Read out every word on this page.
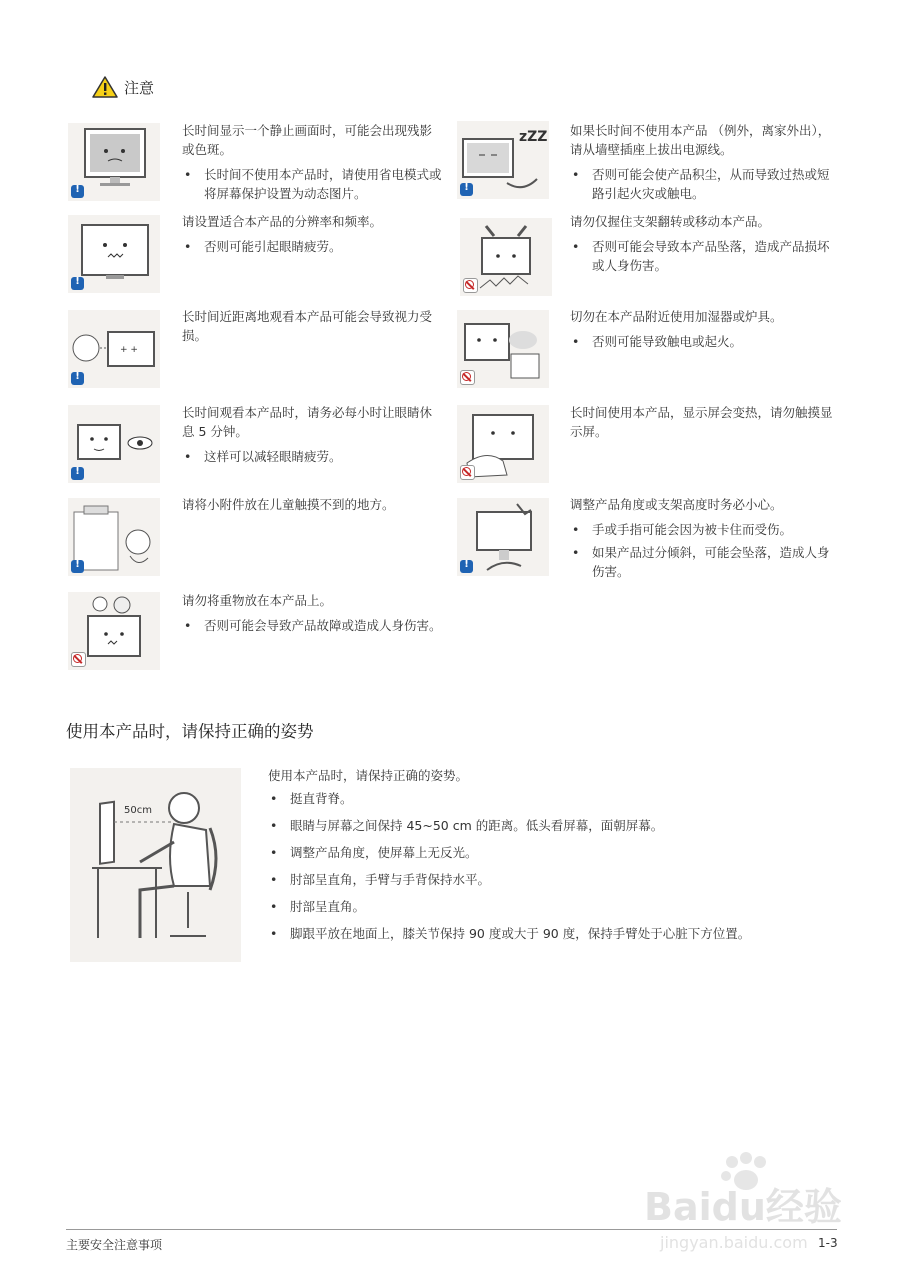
注意
!

长时间显示一个静止画面时，可能会出现残影或色斑。

• 长时间不使用本产品时，请使用省电模式或将屏幕保护设置为动态图片。
!

请设置适合本产品的分辨率和频率。

• 否则可能引起眼睛疲劳。
+ +
!

长时间近距离地观看本产品可能会导致视力受损。

!

长时间观看本产品时，请务必每小时让眼睛休息 5 分钟。

• 这样可以减轻眼睛疲劳。
!

请将小附件放在儿童触摸不到的地方。

请勿将重物放在本产品上。

• 否则可能会导致产品故障或造成人身伤害。
zZZ
! 如果长时间不使用本产品 （例外，离家外出），请从墙壁插座上拔出电源线。

• 否则可能会使产品积尘，从而导致过热或短路引起火灾或触电。

请勿仅握住支架翻转或移动本产品。

• 否则可能会导致本产品坠落，造成产品损坏或人身伤害。

切勿在本产品附近使用加湿器或炉具。

• 否则可能导致触电或起火。

长时间使用本产品，显示屏会变热，请勿触摸显示屏。

!

调整产品角度或支架高度时务必小心。

• 手或手指可能会因为被卡住而受伤。
• 如果产品过分倾斜，可能会坠落，造成人身伤害。
使用本产品时，请保持正确的姿势
50cm
使用本产品时，请保持正确的姿势。
• 挺直背脊。
• 眼睛与屏幕之间保持 45~50 cm 的距离。低头看屏幕，面朝屏幕。
• 调整产品角度，使屏幕上无反光。
• 肘部呈直角，手臂与手背保持水平。
• 肘部呈直角。
• 脚跟平放在地面上，膝关节保持 90 度或大于 90 度，保持手臂处于心脏下方位置。
Baidu经验
jingyan.baidu.com
主要安全注意事项	1-3
